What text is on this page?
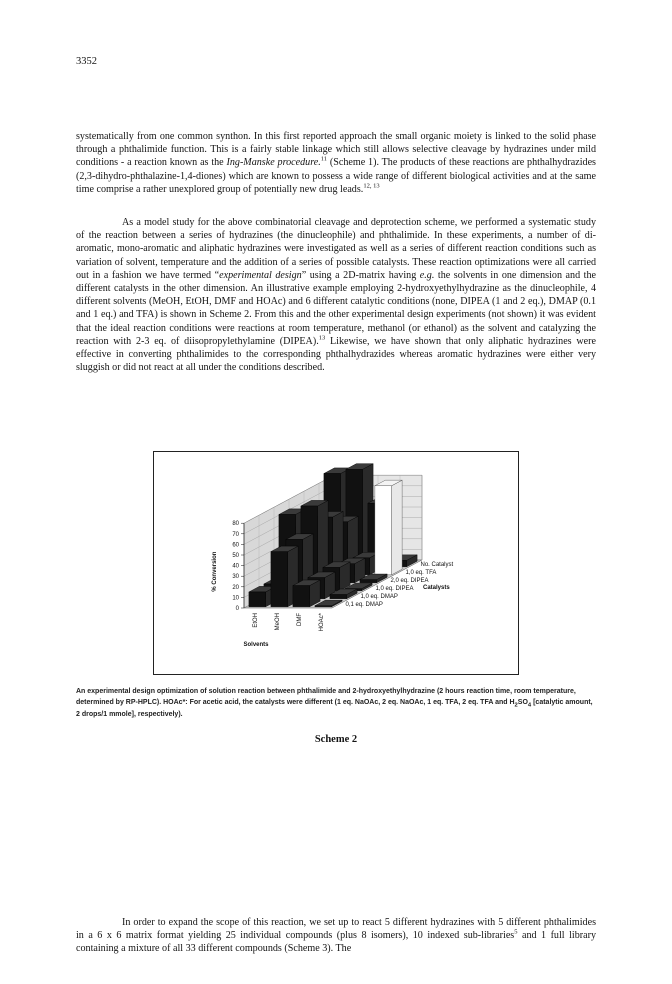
3352

systematically from one common synthon. In this first reported approach the small organic moiety is linked to the solid phase through a phthalimide function. This is a fairly stable linkage which still allows selective cleavage by hydrazines under mild conditions - a reaction known as the Ing-Manske procedure.$^{11}$ (Scheme 1). The products of these reactions are phthalhydrazides (2,3-dihydro-phthalazine-1,4-diones) which are known to possess a wide range of different biological activities and at the same time comprise a rather unexplored group of potentially new drug leads.$^{12, 13}$

As a model study for the above combinatorial cleavage and deprotection scheme, we performed a systematic study of the reaction between a series of hydrazines (the dinucleophile) and phthalimide. In these experiments, a number of di-aromatic, mono-aromatic and aliphatic hydrazines were investigated as well as a series of different reaction conditions such as variation of solvent, temperature and the addition of a series of possible catalysts. These reaction optimizations were all carried out in a fashion we have termed “experimental design” using a 2D-matrix having e.g. the solvents in one dimension and the different catalysts in the other dimension. An illustrative example employing 2-hydroxyethylhydrazine as the dinucleophile, 4 different solvents (MeOH, EtOH, DMF and HOAc) and 6 different catalytic conditions (none, DIPEA (1 and 2 eq.), DMAP (0.1 and 1 eq.) and TFA) is shown in Scheme 2. From this and the other experimental design experiments (not shown) it was evident that the ideal reaction conditions were reactions at room temperature, methanol (or ethanol) as the solvent and catalyzing the reaction with 2-3 eq. of diisopropylethylamine (DIPEA).$^{13}$ Likewise, we have shown that only aliphatic hydrazines were effective in converting phthalimides to the corresponding phthalhydrazides whereas aromatic hydrazines were either very sluggish or did not react at all under the conditions described.

0
10
20
30
40
50
60
70
80
% Conversion
EtOH	MeOH	DMF	HOAc*
Solvents
0,1 eq. DMAP
1,0 eq. DMAP
1,0 eq. DIPEA
2,0 eq. DIPEA
1,0 eq. TFA
No. Catalyst
Catalysts

An experimental design optimization of solution reaction between phthalimide and 2-hydroxyethylhydrazine (2 hours reaction time, room temperature, determined by RP-HPLC). HOAc*: For acetic acid, the catalysts were different (1 eq. NaOAc, 2 eq. NaOAc, 1 eq. TFA, 2 eq. TFA and $H_2SO_4$ [catalytic amount, 2 drops/1 mmole], respectively).

Scheme 2

In order to expand the scope of this reaction, we set up to react 5 different hydrazines with 5 different phthalimides in a 6 x 6 matrix format yielding 25 individual compounds (plus 8 isomers), 10 indexed sub-libraries$^5$ and 1 full library containing a mixture of all 33 different compounds (Scheme 3). The
